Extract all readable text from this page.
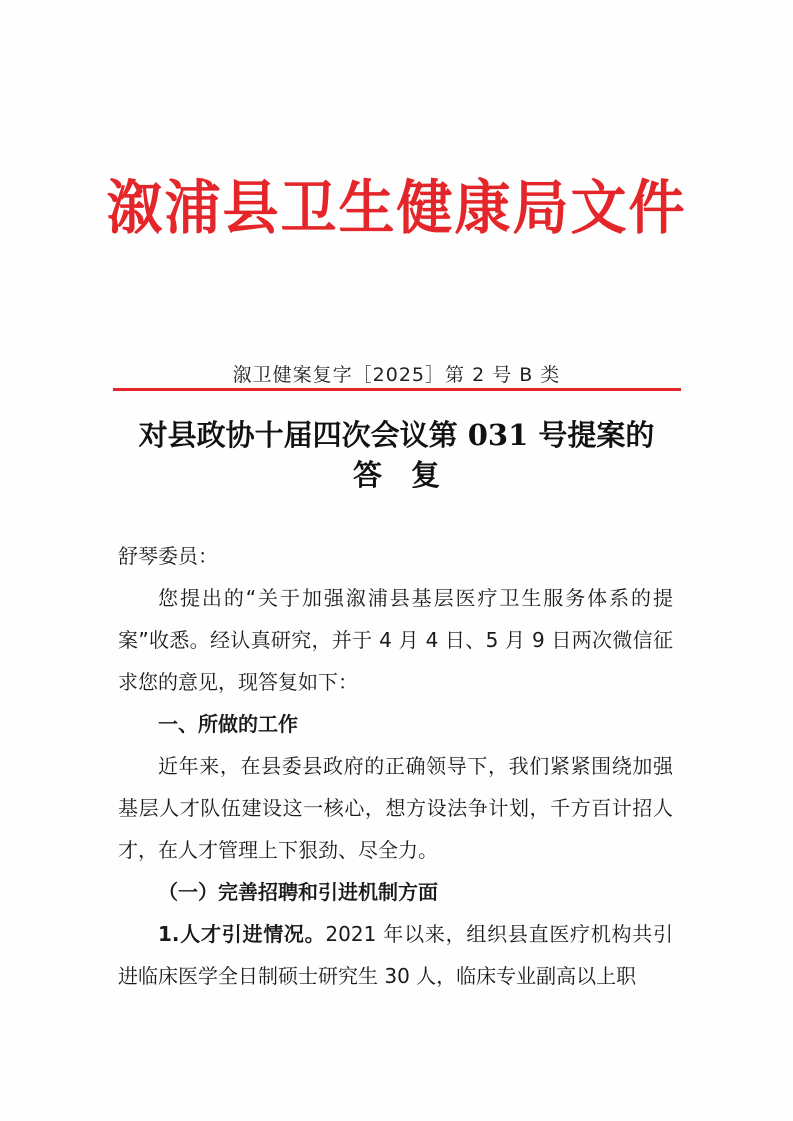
溆浦县卫生健康局文件
溆卫健案复字［2025］第 2 号 B 类
对县政协十届四次会议第 031 号提案的
答　复

舒琴委员：

您提出的“关于加强溆浦县基层医疗卫生服务体系的提案”收悉。经认真研究，并于 4 月 4 日、5 月 9 日两次微信征求您的意见，现答复如下：

一、所做的工作

近年来，在县委县政府的正确领导下，我们紧紧围绕加强基层人才队伍建设这一核心，想方设法争计划，千方百计招人才，在人才管理上下狠劲、尽全力。

（一）完善招聘和引进机制方面

1.人才引进情况。2021 年以来，组织县直医疗机构共引进临床医学全日制硕士研究生 30 人，临床专业副高以上职
